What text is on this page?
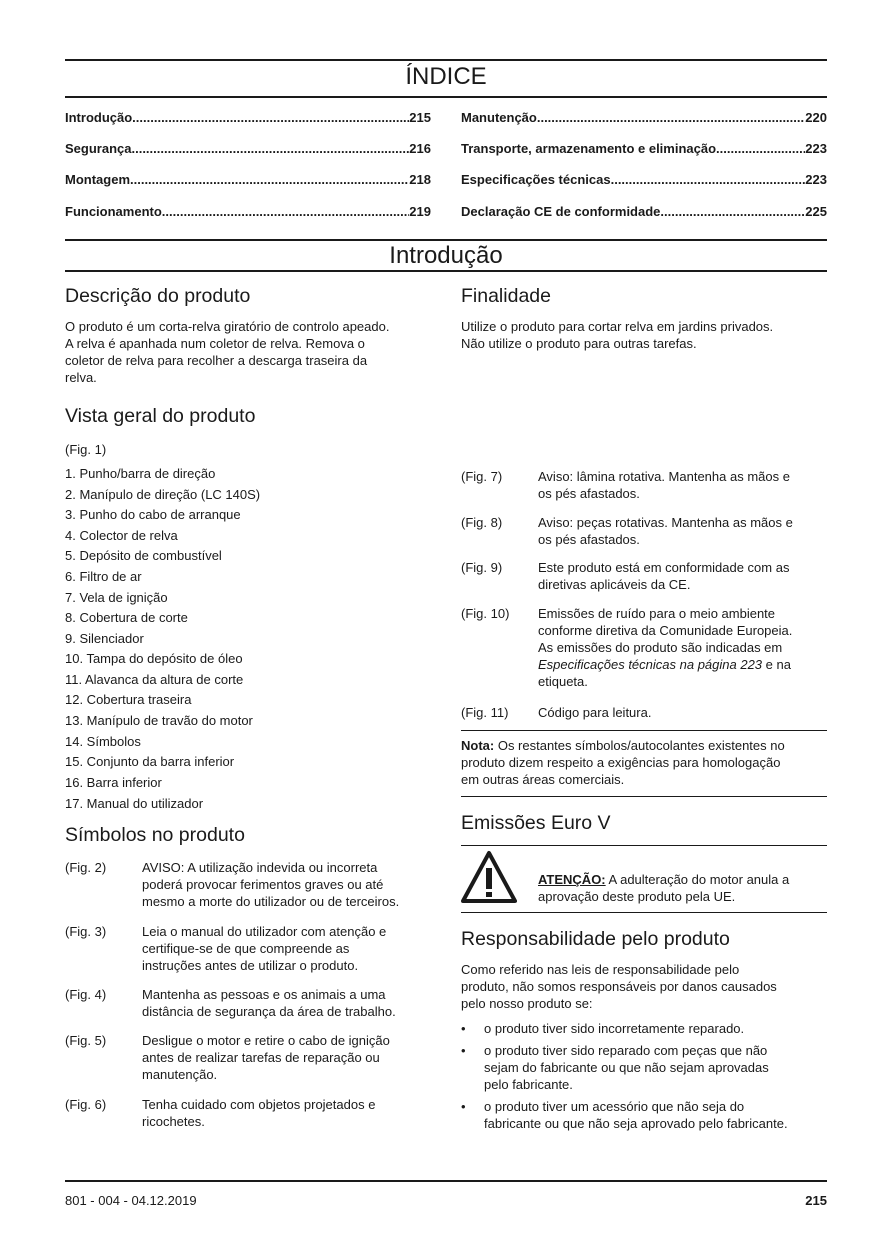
ÍNDICE
Introdução .....	215
Segurança .....	216
Montagem .....	218
Funcionamento .....	219
Manutenção .....	220
Transporte, armazenamento e eliminação .....	223
Especificações técnicas .....	223
Declaração CE de conformidade .....	225
Introdução
Descrição do produto
O produto é um corta-relva giratório de controlo apeado.
A relva é apanhada num coletor de relva. Remova o
coletor de relva para recolher a descarga traseira da
relva.
Vista geral do produto
(Fig. 1)
1. Punho/barra de direção
2. Manípulo de direção (LC 140S)
3. Punho do cabo de arranque
4. Colector de relva
5. Depósito de combustível
6. Filtro de ar
7. Vela de ignição
8. Cobertura de corte
9. Silenciador
10. Tampa do depósito de óleo
11. Alavanca da altura de corte
12. Cobertura traseira
13. Manípulo de travão do motor
14. Símbolos
15. Conjunto da barra inferior
16. Barra inferior
17. Manual do utilizador
Símbolos no produto
(Fig. 2)	AVISO: A utilização indevida ou incorreta
poderá provocar ferimentos graves ou até
mesmo a morte do utilizador ou de terceiros.
(Fig. 3)	Leia o manual do utilizador com atenção e
certifique-se de que compreende as
instruções antes de utilizar o produto.
(Fig. 4)	Mantenha as pessoas e os animais a uma
distância de segurança da área de trabalho.
(Fig. 5)	Desligue o motor e retire o cabo de ignição
antes de realizar tarefas de reparação ou
manutenção.
(Fig. 6)	Tenha cuidado com objetos projetados e
ricochetes.
Finalidade
Utilize o produto para cortar relva em jardins privados.
Não utilize o produto para outras tarefas.
(Fig. 7)	Aviso: lâmina rotativa. Mantenha as mãos e
os pés afastados.
(Fig. 8)	Aviso: peças rotativas. Mantenha as mãos e
os pés afastados.
(Fig. 9)	Este produto está em conformidade com as
diretivas aplicáveis da CE.
(Fig. 10) Emissões de ruído para o meio ambiente
conforme diretiva da Comunidade Europeia.
As emissões do produto são indicadas em
Especificações técnicas na página 223 e na
etiqueta.
(Fig. 11) Código para leitura.
Nota: Os restantes símbolos/autocolantes existentes no
produto dizem respeito a exigências para homologação
em outras áreas comerciais.
Emissões Euro V
ATENÇÃO: A adulteração do motor anula a
aprovação deste produto pela UE.
Responsabilidade pelo produto
Como referido nas leis de responsabilidade pelo
produto, não somos responsáveis por danos causados
pelo nosso produto se:
• o produto tiver sido incorretamente reparado.
• o produto tiver sido reparado com peças que não
sejam do fabricante ou que não sejam aprovadas
pelo fabricante.
• o produto tiver um acessório que não seja do
fabricante ou que não seja aprovado pelo fabricante.
801 - 004 - 04.12.2019	215
